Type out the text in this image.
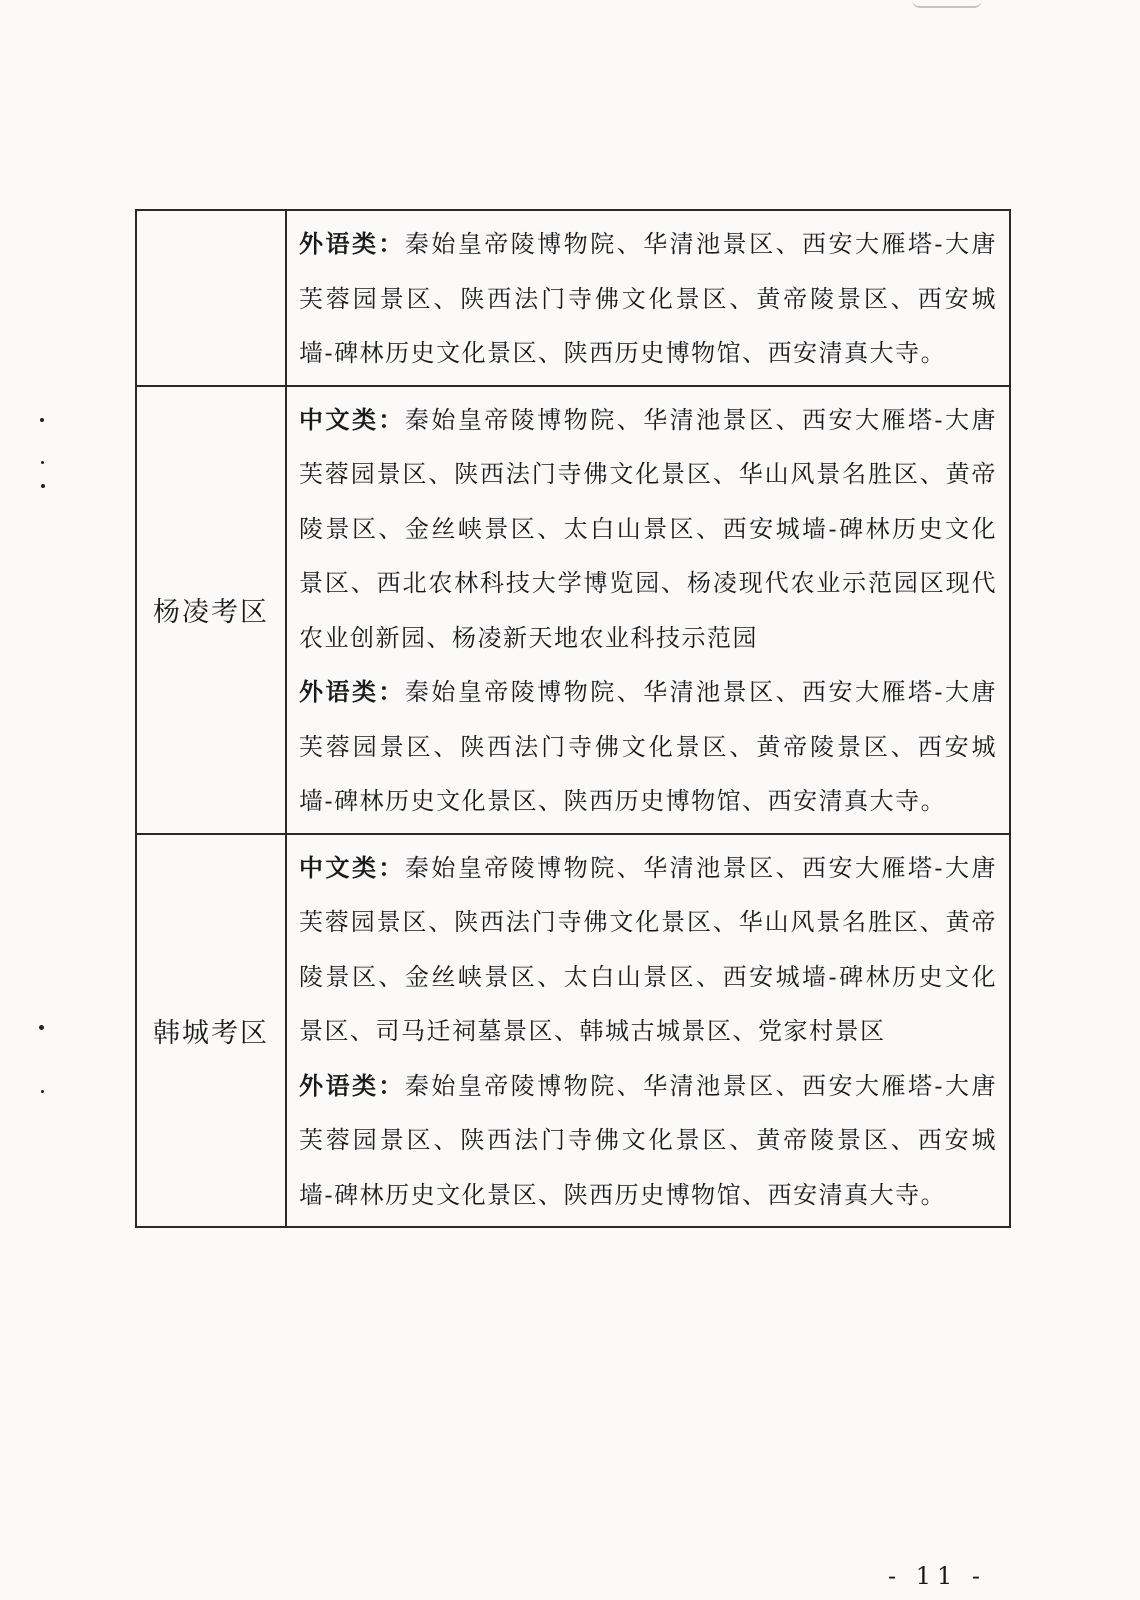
	外语类：秦始皇帝陵博物院、华清池景区、西安大雁塔-大唐芙蓉园景区、陕西法门寺佛文化景区、黄帝陵景区、西安城墙-碑林历史文化景区、陕西历史博物馆、西安清真大寺。

杨凌考区	中文类：秦始皇帝陵博物院、华清池景区、西安大雁塔-大唐芙蓉园景区、陕西法门寺佛文化景区、华山风景名胜区、黄帝陵景区、金丝峡景区、太白山景区、西安城墙-碑林历史文化景区、西北农林科技大学博览园、杨凌现代农业示范园区现代农业创新园、杨凌新天地农业科技示范园
外语类：秦始皇帝陵博物院、华清池景区、西安大雁塔-大唐芙蓉园景区、陕西法门寺佛文化景区、黄帝陵景区、西安城墙-碑林历史文化景区、陕西历史博物馆、西安清真大寺。

韩城考区	中文类：秦始皇帝陵博物院、华清池景区、西安大雁塔-大唐芙蓉园景区、陕西法门寺佛文化景区、华山风景名胜区、黄帝陵景区、金丝峡景区、太白山景区、西安城墙-碑林历史文化景区、司马迁祠墓景区、韩城古城景区、党家村景区
外语类：秦始皇帝陵博物院、华清池景区、西安大雁塔-大唐芙蓉园景区、陕西法门寺佛文化景区、黄帝陵景区、西安城墙-碑林历史文化景区、陕西历史博物馆、西安清真大寺。
- 11 -
